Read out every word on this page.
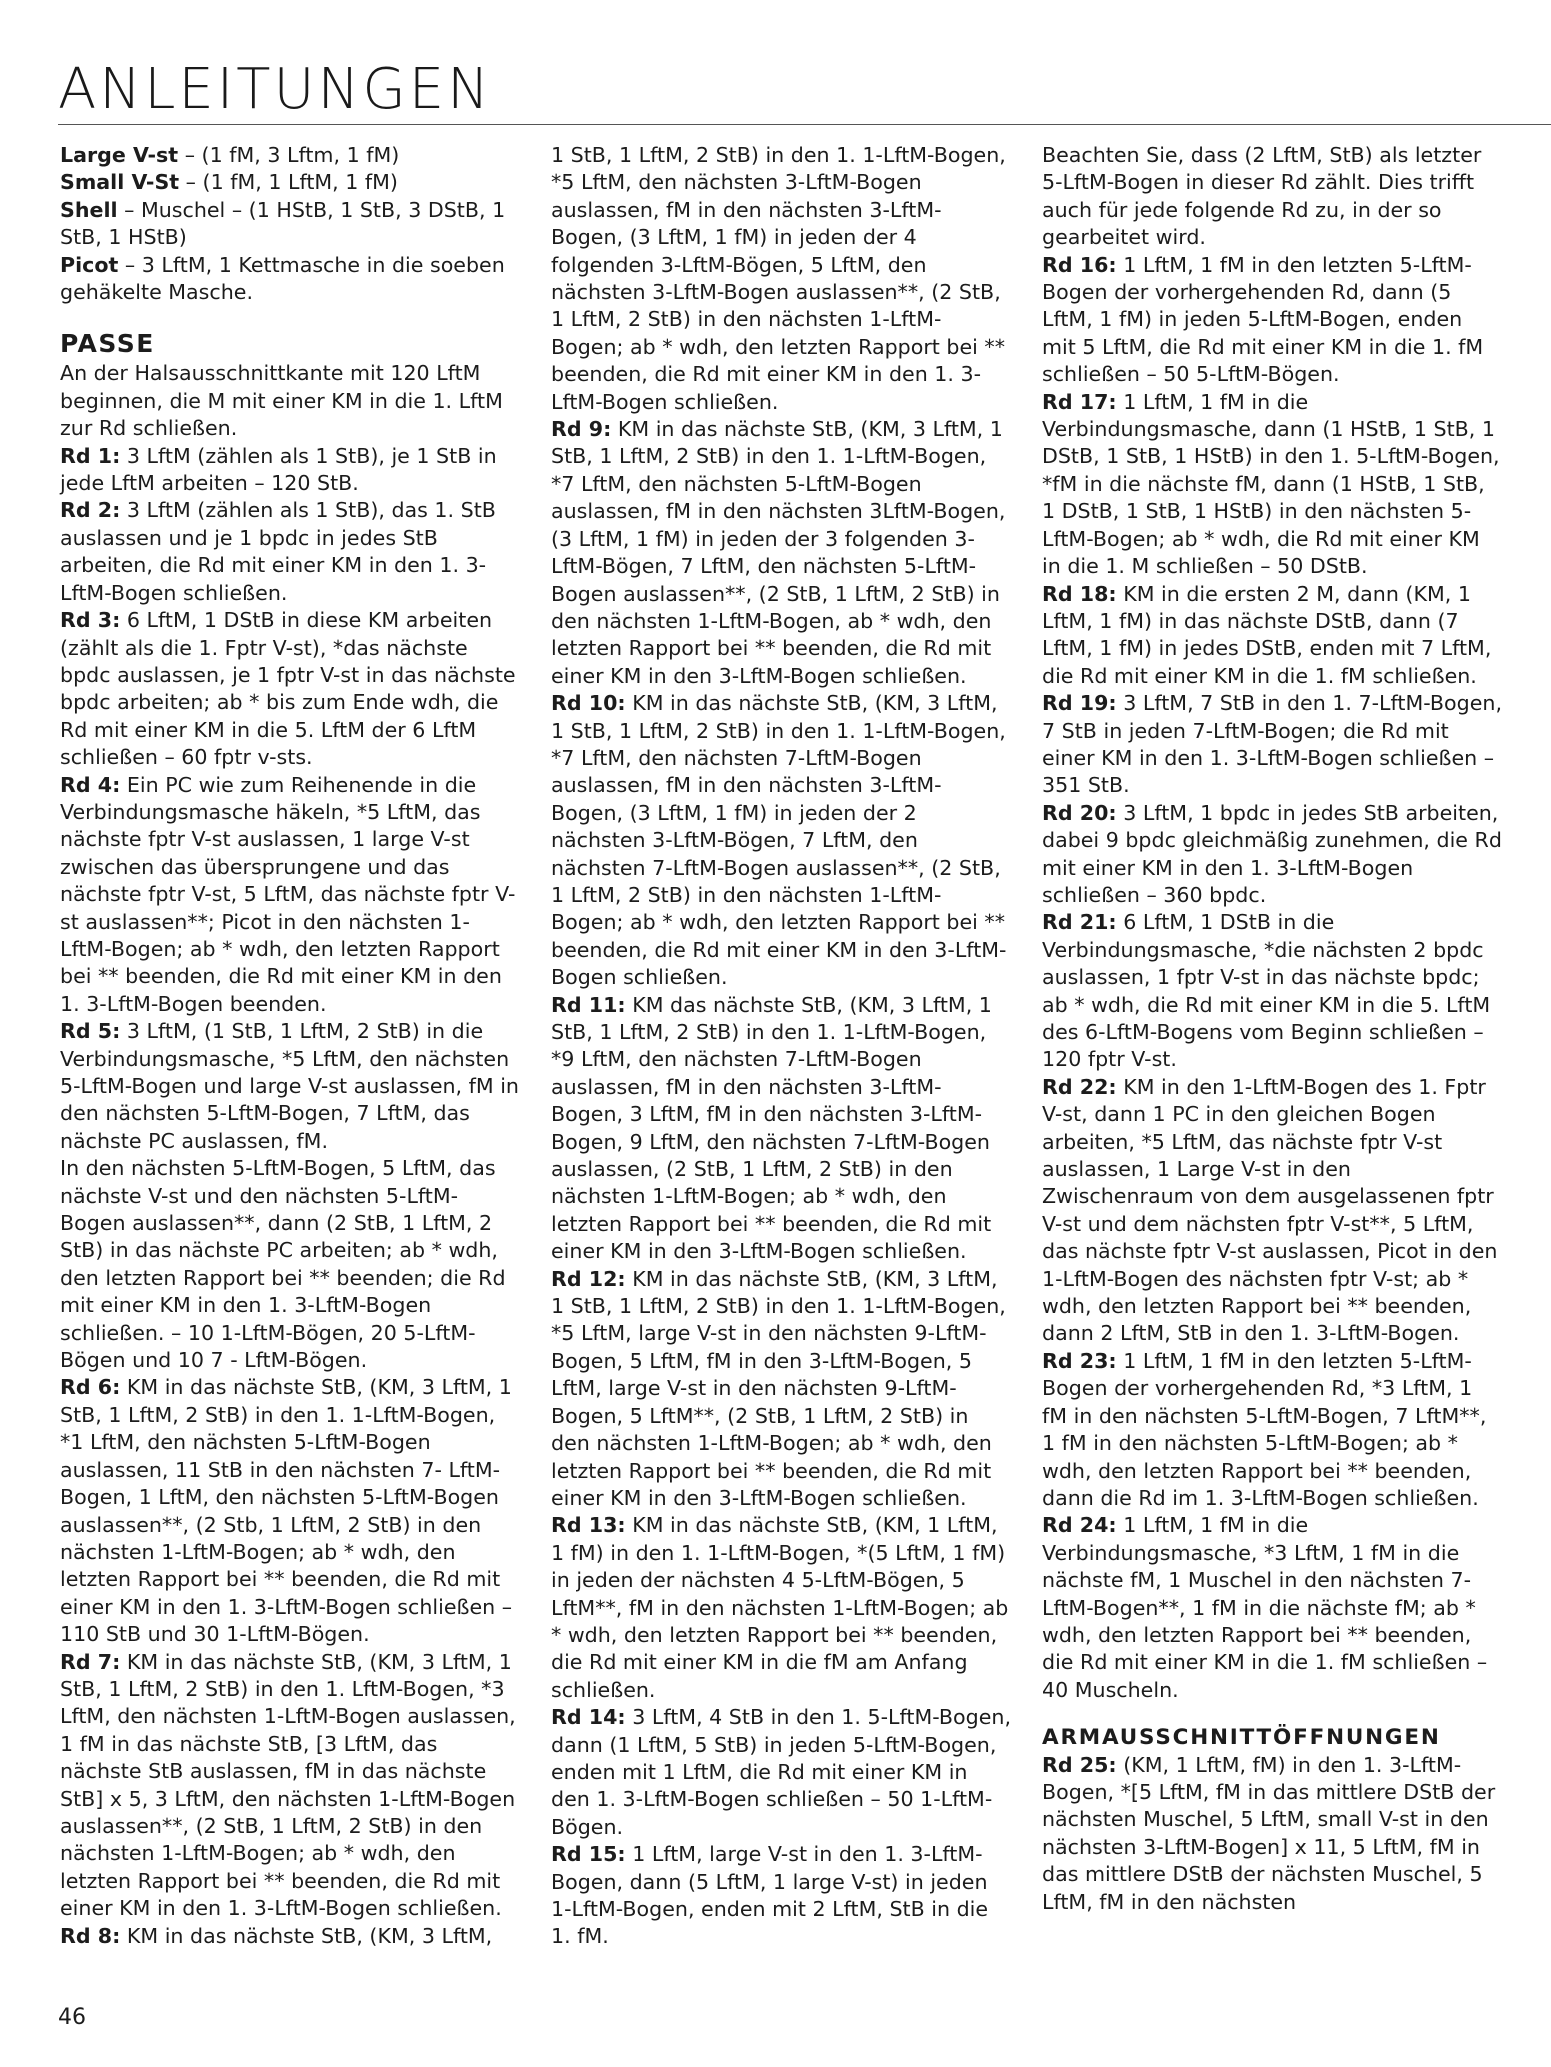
ANLEITUNGEN

Large V-st – (1 fM, 3 Lftm, 1 fM)

Small V-St – (1 fM, 1 LftM, 1 fM)

Shell – Muschel – (1 HStB, 1 StB, 3 DStB, 1 StB, 1 HStB)

Picot – 3 LftM, 1 Kettmasche in die soeben gehäkelte Masche.

PASSE

An der Halsausschnittkante mit 120 LftM beginnen, die M mit einer KM in die 1. LftM zur Rd schließen.

Rd 1: 3 LftM (zählen als 1 StB), je 1 StB in jede LftM arbeiten – 120 StB.

Rd 2: 3 LftM (zählen als 1 StB), das 1. StB auslassen und je 1 bpdc in jedes StB arbeiten, die Rd mit einer KM in den 1. 3-LftM-Bogen schließen.

Rd 3: 6 LftM, 1 DStB in diese KM arbeiten (zählt als die 1. Fptr V-st), *das nächste bpdc auslassen, je 1 fptr V-st in das nächste bpdc arbeiten; ab * bis zum Ende wdh, die Rd mit einer KM in die 5. LftM der 6 LftM schließen – 60 fptr v-sts.

Rd 4: Ein PC wie zum Reihenende in die Verbindungsmasche häkeln, *5 LftM, das nächste fptr V-st auslassen, 1 large V-st zwischen das übersprungene und das nächste fptr V-st, 5 LftM, das nächste fptr V-st auslassen**; Picot in den nächsten 1-LftM-Bogen; ab * wdh, den letzten Rapport bei ** beenden, die Rd mit einer KM in den 1. 3-LftM-Bogen beenden.

Rd 5: 3 LftM, (1 StB, 1 LftM, 2 StB) in die Verbindungsmasche, *5 LftM, den nächsten 5-LftM-Bogen und large V-st auslassen, fM in den nächsten 5-LftM-Bogen, 7 LftM, das nächste PC auslassen, fM.

In den nächsten 5-LftM-Bogen, 5 LftM, das nächste V-st und den nächsten 5-LftM-Bogen auslassen**, dann (2 StB, 1 LftM, 2 StB) in das nächste PC arbeiten; ab * wdh, den letzten Rapport bei ** beenden; die Rd mit einer KM in den 1. 3-LftM-Bogen schließen. – 10 1-LftM-Bögen, 20 5-LftM-Bögen und 10 7 - LftM-Bögen.

Rd 6: KM in das nächste StB, (KM, 3 LftM, 1 StB, 1 LftM, 2 StB) in den 1. 1-LftM-Bogen, *1 LftM, den nächsten 5-LftM-Bogen auslassen, 11 StB in den nächsten 7- LftM-Bogen, 1 LftM, den nächsten 5-LftM-Bogen auslassen**, (2 Stb, 1 LftM, 2 StB) in den nächsten 1-LftM-Bogen; ab * wdh, den letzten Rapport bei ** beenden, die Rd mit einer KM in den 1. 3-LftM-Bogen schließen – 110 StB und 30 1-LftM-Bögen.

Rd 7: KM in das nächste StB, (KM, 3 LftM, 1 StB, 1 LftM, 2 StB) in den 1. LftM-Bogen, *3 LftM, den nächsten 1-LftM-Bogen auslassen, 1 fM in das nächste StB, [3 LftM, das nächste StB auslassen, fM in das nächste StB] x 5, 3 LftM, den nächsten 1-LftM-Bogen auslassen**, (2 StB, 1 LftM, 2 StB) in den nächsten 1-LftM-Bogen; ab * wdh, den letzten Rapport bei ** beenden, die Rd mit einer KM in den 1. 3-LftM-Bogen schließen.

Rd 8: KM in das nächste StB, (KM, 3 LftM,

1 StB, 1 LftM, 2 StB) in den 1. 1-LftM-Bogen, *5 LftM, den nächsten 3-LftM-Bogen auslassen, fM in den nächsten 3-LftM-Bogen, (3 LftM, 1 fM) in jeden der 4 folgenden 3-LftM-Bögen, 5 LftM, den nächsten 3-LftM-Bogen auslassen**, (2 StB, 1 LftM, 2 StB) in den nächsten 1-LftM-Bogen; ab * wdh, den letzten Rapport bei ** beenden, die Rd mit einer KM in den 1. 3-LftM-Bogen schließen.

Rd 9: KM in das nächste StB, (KM, 3 LftM, 1 StB, 1 LftM, 2 StB) in den 1. 1-LftM-Bogen, *7 LftM, den nächsten 5-LftM-Bogen auslassen, fM in den nächsten 3LftM-Bogen, (3 LftM, 1 fM) in jeden der 3 folgenden 3-LftM-Bögen, 7 LftM, den nächsten 5-LftM-Bogen auslassen**, (2 StB, 1 LftM, 2 StB) in den nächsten 1-LftM-Bogen, ab * wdh, den letzten Rapport bei ** beenden, die Rd mit einer KM in den 3-LftM-Bogen schließen.

Rd 10: KM in das nächste StB, (KM, 3 LftM, 1 StB, 1 LftM, 2 StB) in den 1. 1-LftM-Bogen, *7 LftM, den nächsten 7-LftM-Bogen auslassen, fM in den nächsten 3-LftM-Bogen, (3 LftM, 1 fM) in jeden der 2 nächsten 3-LftM-Bögen, 7 LftM, den nächsten 7-LftM-Bogen auslassen**, (2 StB, 1 LftM, 2 StB) in den nächsten 1-LftM-Bogen; ab * wdh, den letzten Rapport bei ** beenden, die Rd mit einer KM in den 3-LftM-Bogen schließen.

Rd 11: KM das nächste StB, (KM, 3 LftM, 1 StB, 1 LftM, 2 StB) in den 1. 1-LftM-Bogen, *9 LftM, den nächsten 7-LftM-Bogen auslassen, fM in den nächsten 3-LftM-Bogen, 3 LftM, fM in den nächsten 3-LftM-Bogen, 9 LftM, den nächsten 7-LftM-Bogen auslassen, (2 StB, 1 LftM, 2 StB) in den nächsten 1-LftM-Bogen; ab * wdh, den letzten Rapport bei ** beenden, die Rd mit einer KM in den 3-LftM-Bogen schließen.

Rd 12: KM in das nächste StB, (KM, 3 LftM, 1 StB, 1 LftM, 2 StB) in den 1. 1-LftM-Bogen, *5 LftM, large V-st in den nächsten 9-LftM-Bogen, 5 LftM, fM in den 3-LftM-Bogen, 5 LftM, large V-st in den nächsten 9-LftM-Bogen, 5 LftM**, (2 StB, 1 LftM, 2 StB) in den nächsten 1-LftM-Bogen; ab * wdh, den letzten Rapport bei ** beenden, die Rd mit einer KM in den 3-LftM-Bogen schließen.

Rd 13: KM in das nächste StB, (KM, 1 LftM, 1 fM) in den 1. 1-LftM-Bogen, *(5 LftM, 1 fM) in jeden der nächsten 4 5-LftM-Bögen, 5 LftM**, fM in den nächsten 1-LftM-Bogen; ab * wdh, den letzten Rapport bei ** beenden, die Rd mit einer KM in die fM am Anfang schließen.

Rd 14: 3 LftM, 4 StB in den 1. 5-LftM-Bogen, dann (1 LftM, 5 StB) in jeden 5-LftM-Bogen, enden mit 1 LftM, die Rd mit einer KM in den 1. 3-LftM-Bogen schließen – 50 1-LftM-Bögen.

Rd 15: 1 LftM, large V-st in den 1. 3-LftM-Bogen, dann (5 LftM, 1 large V-st) in jeden 1-LftM-Bogen, enden mit 2 LftM, StB in die 1. fM.

Beachten Sie, dass (2 LftM, StB) als letzter 5-LftM-Bogen in dieser Rd zählt. Dies trifft auch für jede folgende Rd zu, in der so gearbeitet wird.

Rd 16: 1 LftM, 1 fM in den letzten 5-LftM-Bogen der vorhergehenden Rd, dann (5 LftM, 1 fM) in jeden 5-LftM-Bogen, enden mit 5 LftM, die Rd mit einer KM in die 1. fM schließen – 50 5-LftM-Bögen.

Rd 17: 1 LftM, 1 fM in die Verbindungsmasche, dann (1 HStB, 1 StB, 1 DStB, 1 StB, 1 HStB) in den 1. 5-LftM-Bogen, *fM in die nächste fM, dann (1 HStB, 1 StB, 1 DStB, 1 StB, 1 HStB) in den nächsten 5-LftM-Bogen; ab * wdh, die Rd mit einer KM in die 1. M schließen – 50 DStB.

Rd 18: KM in die ersten 2 M, dann (KM, 1 LftM, 1 fM) in das nächste DStB, dann (7 LftM, 1 fM) in jedes DStB, enden mit 7 LftM, die Rd mit einer KM in die 1. fM schließen.

Rd 19: 3 LftM, 7 StB in den 1. 7-LftM-Bogen, 7 StB in jeden 7-LftM-Bogen; die Rd mit einer KM in den 1. 3-LftM-Bogen schließen – 351 StB.

Rd 20: 3 LftM, 1 bpdc in jedes StB arbeiten, dabei 9 bpdc gleichmäßig zunehmen, die Rd mit einer KM in den 1. 3-LftM-Bogen schließen – 360 bpdc.

Rd 21: 6 LftM, 1 DStB in die Verbindungsmasche, *die nächsten 2 bpdc auslassen, 1 fptr V-st in das nächste bpdc; ab * wdh, die Rd mit einer KM in die 5. LftM des 6-LftM-Bogens vom Beginn schließen – 120 fptr V-st.

Rd 22: KM in den 1-LftM-Bogen des 1. Fptr V-st, dann 1 PC in den gleichen Bogen arbeiten, *5 LftM, das nächste fptr V-st auslassen, 1 Large V-st in den Zwischenraum von dem ausgelassenen fptr V-st und dem nächsten fptr V-st**, 5 LftM, das nächste fptr V-st auslassen, Picot in den 1-LftM-Bogen des nächsten fptr V-st; ab * wdh, den letzten Rapport bei ** beenden, dann 2 LftM, StB in den 1. 3-LftM-Bogen.

Rd 23: 1 LftM, 1 fM in den letzten 5-LftM-Bogen der vorhergehenden Rd, *3 LftM, 1 fM in den nächsten 5-LftM-Bogen, 7 LftM**, 1 fM in den nächsten 5-LftM-Bogen; ab * wdh, den letzten Rapport bei ** beenden, dann die Rd im 1. 3-LftM-Bogen schließen.

Rd 24: 1 LftM, 1 fM in die Verbindungsmasche, *3 LftM, 1 fM in die nächste fM, 1 Muschel in den nächsten 7-LftM-Bogen**, 1 fM in die nächste fM; ab * wdh, den letzten Rapport bei ** beenden, die Rd mit einer KM in die 1. fM schließen – 40 Muscheln.

ARMAUSSCHNITTÖFFNUNGEN

Rd 25: (KM, 1 LftM, fM) in den 1. 3-LftM-Bogen, *[5 LftM, fM in das mittlere DStB der nächsten Muschel, 5 LftM, small V-st in den nächsten 3-LftM-Bogen] x 11, 5 LftM, fM in das mittlere DStB der nächsten Muschel, 5 LftM, fM in den nächsten

46
